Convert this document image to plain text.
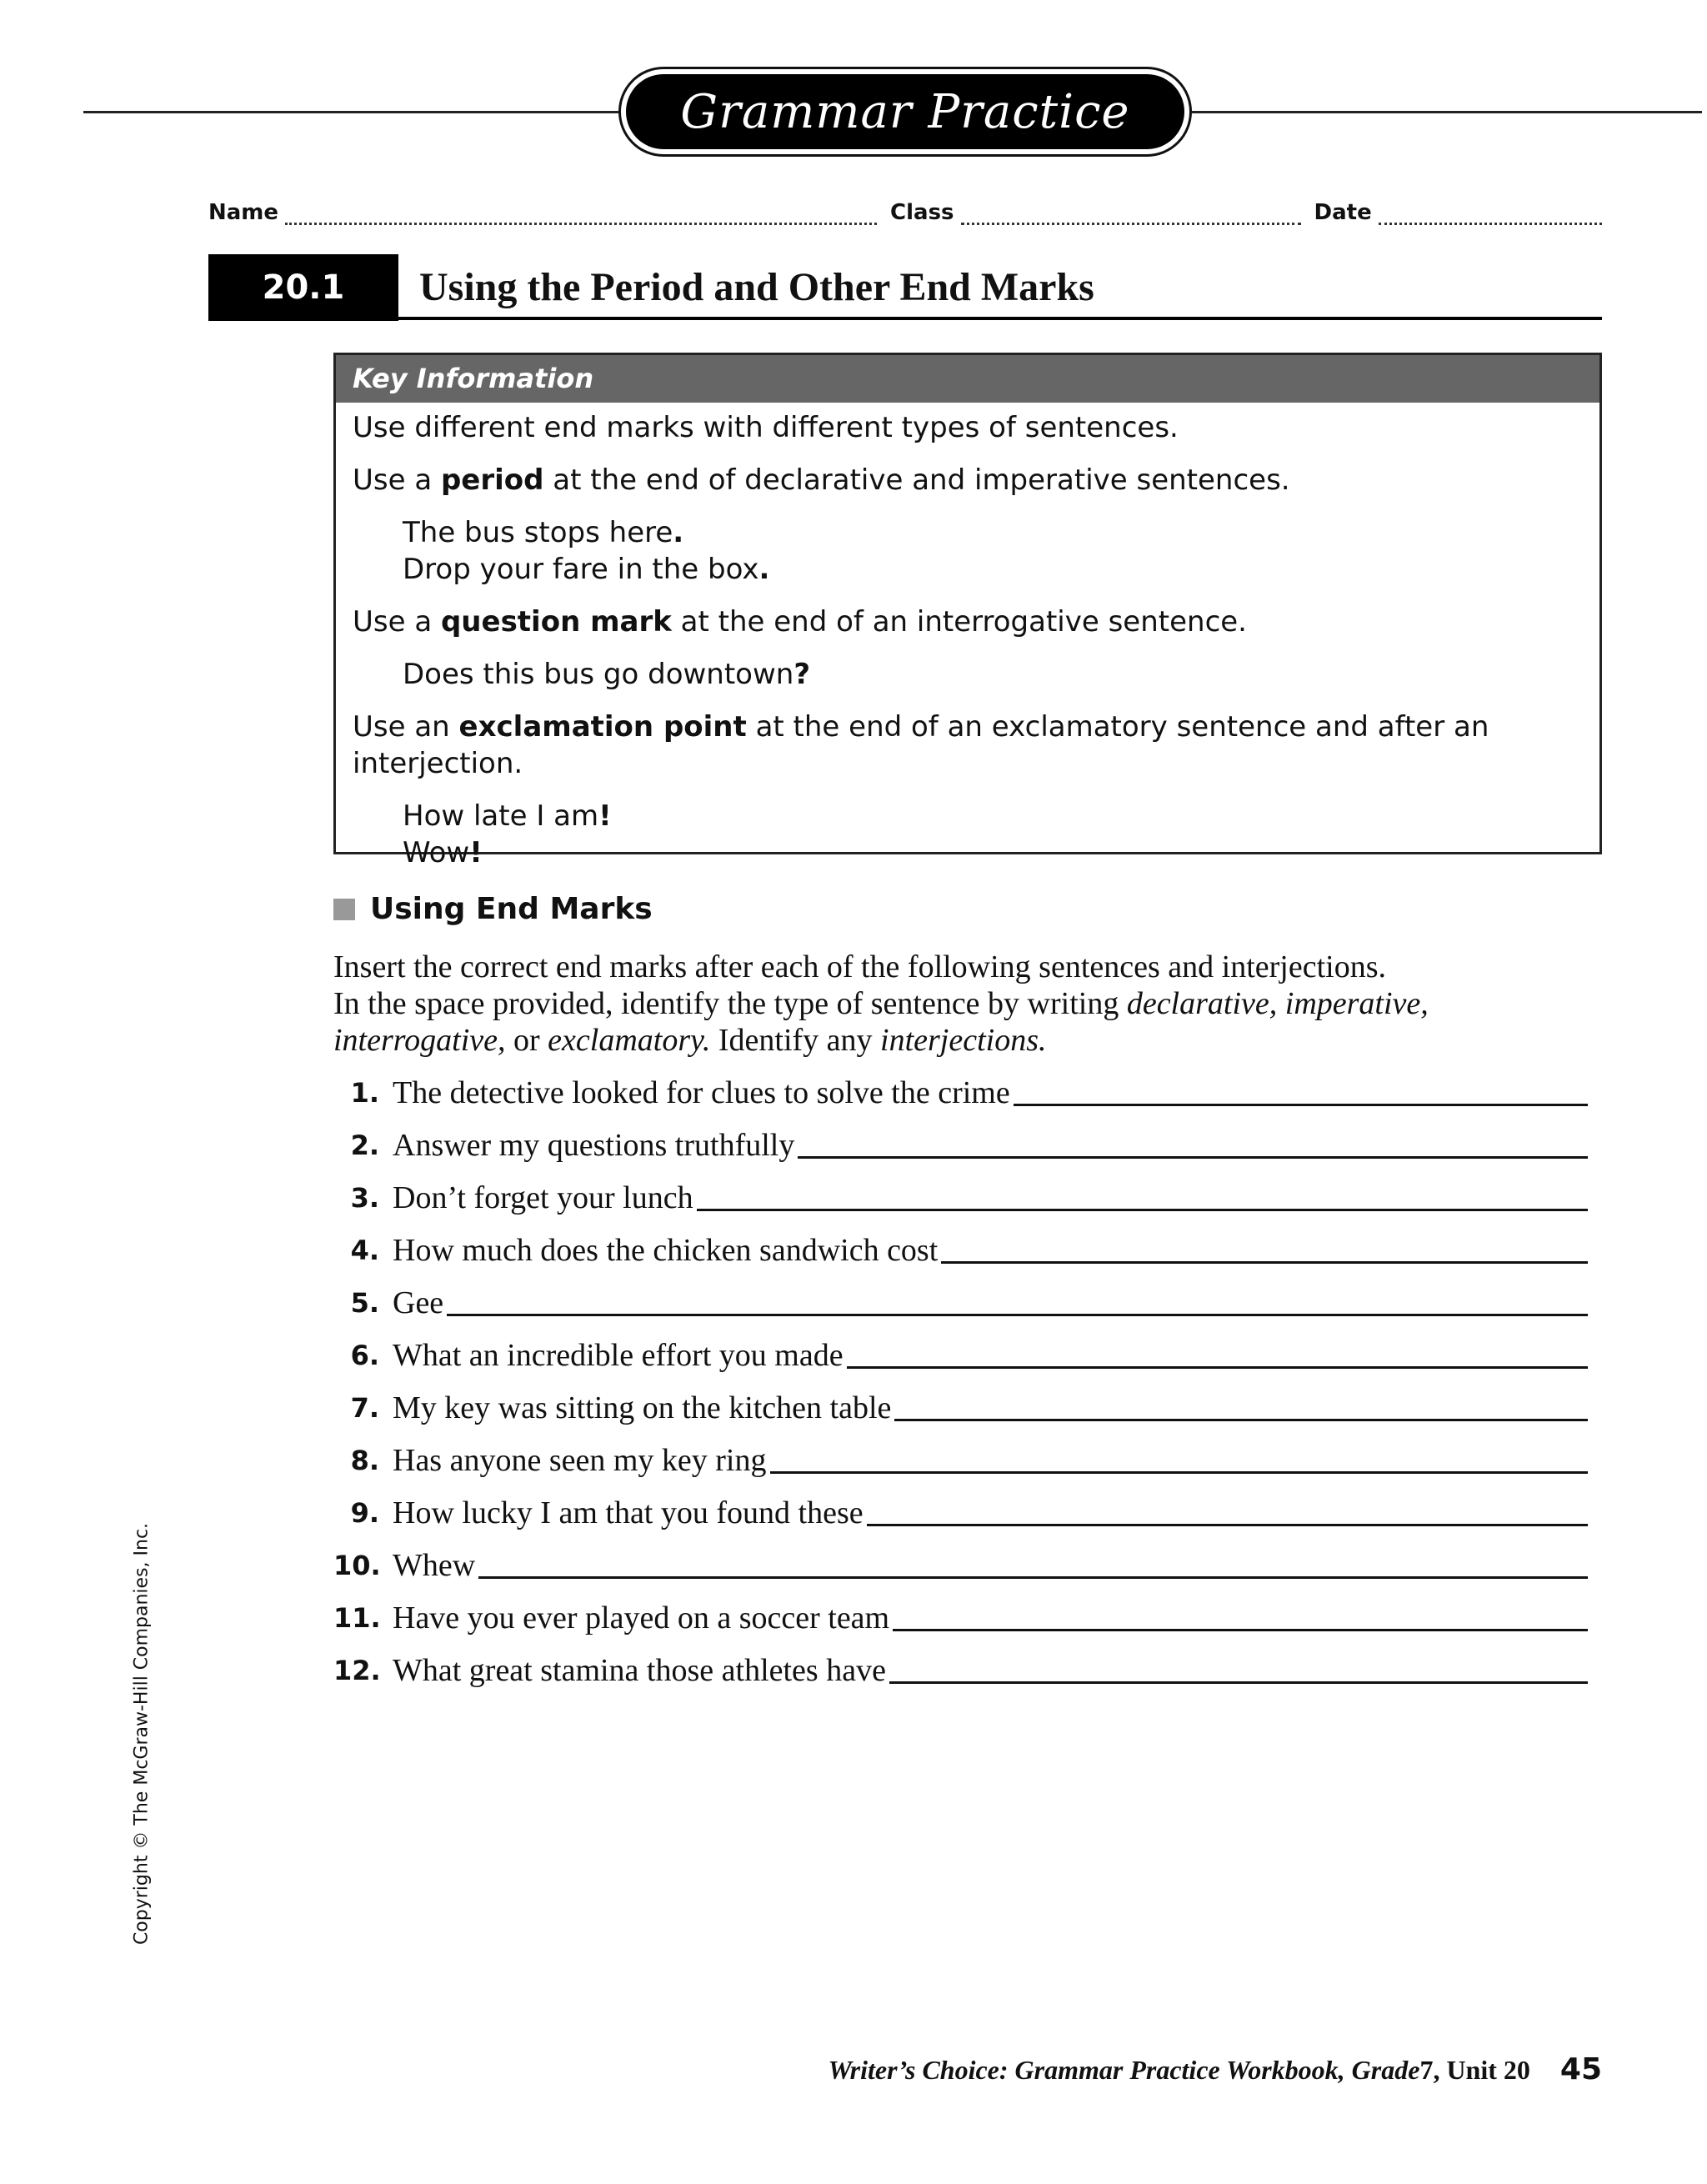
Grammar Practice
Name	Class	Date
20.1	Using the Period and Other End Marks
Key Information

Use different end marks with different types of sentences.

Use a period at the end of declarative and imperative sentences.

The bus stops here.
Drop your fare in the box.

Use a question mark at the end of an interrogative sentence.

Does this bus go downtown?

Use an exclamation point at the end of an exclamatory sentence and after an interjection.

How late I am!
Wow!
Using End Marks
Insert the correct end marks after each of the following sentences and interjections.
In the space provided, identify the type of sentence by writing declarative, imperative,
interrogative, or exclamatory. Identify any interjections.
1. The detective looked for clues to solve the crime
2. Answer my questions truthfully
3. Don’t forget your lunch
4. How much does the chicken sandwich cost
5. Gee
6. What an incredible effort you made
7. My key was sitting on the kitchen table
8. Has anyone seen my key ring
9. How lucky I am that you found these
10. Whew
11. Have you ever played on a soccer team
12. What great stamina those athletes have
Copyright © The McGraw-Hill Companies, Inc.
Writer’s Choice: Grammar Practice Workbook, Grade 7, Unit 20 45
